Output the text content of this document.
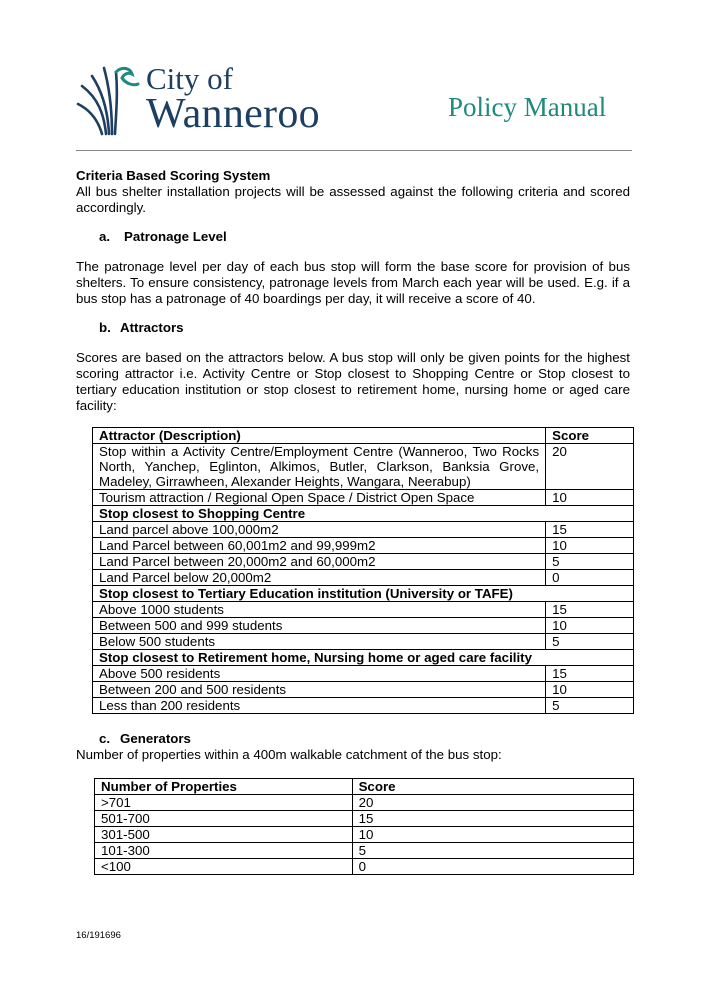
City of
Wanneroo	Policy Manual
Criteria Based Scoring System
All bus shelter installation projects will be assessed against the following criteria and scored accordingly.
a. Patronage Level
The patronage level per day of each bus stop will form the base score for provision of bus shelters. To ensure consistency, patronage levels from March each year will be used. E.g. if a bus stop has a patronage of 40 boardings per day, it will receive a score of 40.
b. Attractors
Scores are based on the attractors below. A bus stop will only be given points for the highest scoring attractor i.e. Activity Centre or Stop closest to Shopping Centre or Stop closest to tertiary education institution or stop closest to retirement home, nursing home or aged care facility:
Attractor (Description)	Score
Stop within a Activity Centre/Employment Centre (Wanneroo, Two Rocks North, Yanchep, Eglinton, Alkimos, Butler, Clarkson, Banksia Grove, Madeley, Girrawheen, Alexander Heights, Wangara, Neerabup)	20
Tourism attraction / Regional Open Space / District Open Space	10
Stop closest to Shopping Centre	
Land parcel above 100,000m2	15
Land Parcel between 60,001m2 and 99,999m2	10
Land Parcel between 20,000m2 and 60,000m2	5
Land Parcel below 20,000m2	0
Stop closest to Tertiary Education institution (University or TAFE)	
Above 1000 students	15
Between 500 and 999 students	10
Below 500 students	5
Stop closest to Retirement home, Nursing home or aged care facility	
Above 500 residents	15
Between 200 and 500 residents	10
Less than 200 residents	5
c. Generators
Number of properties within a 400m walkable catchment of the bus stop:
Number of Properties	Score
>701	20
501-700	15
301-500	10
101-300	5
<100	0
16/191696
